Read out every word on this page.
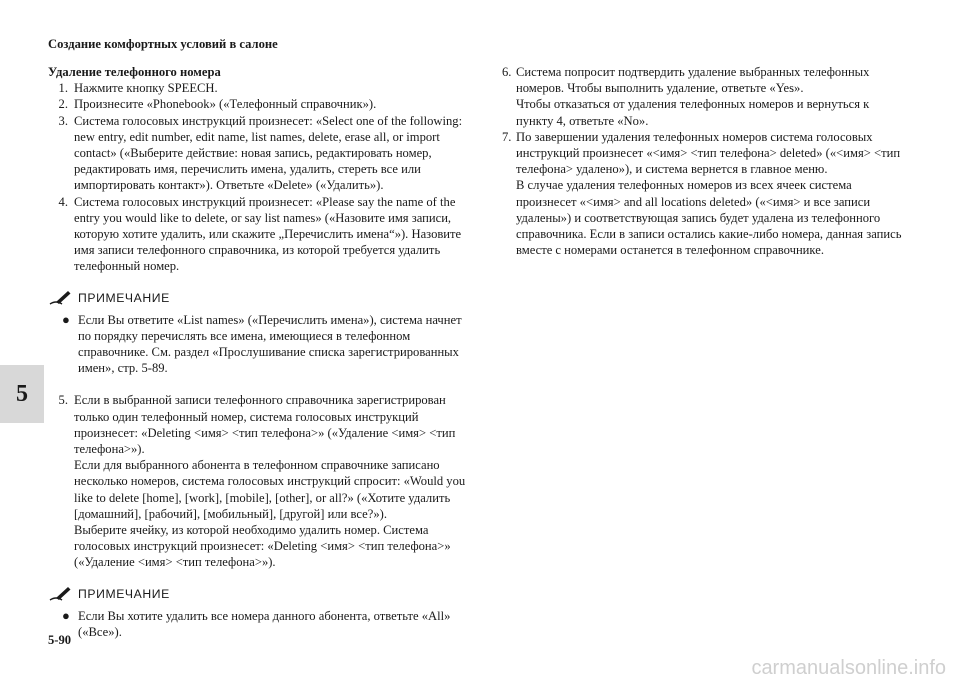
Создание комфортных условий в салоне
5

Удаление телефонного номера

1. Нажмите кнопку SPEECH.

2. Произнесите «Phonebook» («Телефонный справочник»).

3. Система голосовых инструкций произнесет: «Select one of the following: new entry, edit number, edit name, list names, delete, erase all, or import contact» («Выберите действие: новая запись, редактировать номер, редактировать имя, перечислить имена, удалить, стереть все или импортировать контакт»). Ответьте «Delete» («Удалить»).

4. Система голосовых инструкций произнесет: «Please say the name of the entry you would like to delete, or say list names» («Назовите имя записи, которую хотите удалить, или скажите „Перечислить имена“»). Назовите имя записи телефонного справочника, из которой требуется удалить телефонный номер.

ПРИМЕЧАНИЕ
● Если Вы ответите «List names» («Перечислить имена»), система начнет по порядку перечислять все имена, имеющиеся в телефонном справочнике. См. раздел «Прослушивание списка зарегистрированных имен», стр. 5-89.
5. Если в выбранной записи телефонного справочника зарегистрирован только один телефонный номер, система голосовых инструкций произнесет: «Deleting <имя> <тип телефона>» («Удаление <имя> <тип телефона>»).

Если для выбранного абонента в телефонном справочнике записано несколько номеров, система голосовых инструкций спросит: «Would you like to delete [home], [work], [mobile], [other], or all?» («Хотите удалить [домашний], [рабочий], [мобильный], [другой] или все?»).

Выберите ячейку, из которой необходимо удалить номер. Система голосовых инструкций произнесет: «Deleting <имя> <тип телефона>» («Удаление <имя> <тип телефона>»).

ПРИМЕЧАНИЕ
● Если Вы хотите удалить все номера данного абонента, ответьте «All» («Все»).
6. Система попросит подтвердить удаление выбранных телефонных номеров. Чтобы выполнить удаление, ответьте «Yes».

Чтобы отказаться от удаления телефонных номеров и вернуться к пункту 4, ответьте «No».

7. По завершении удаления телефонных номеров система голосовых инструкций произнесет «<имя> <тип телефона> deleted» («<имя> <тип телефона> удалено»), и система вернется в главное меню.

В случае удаления телефонных номеров из всех ячеек система произнесет «<имя> and all locations deleted» («<имя> и все записи удалены») и соответствующая запись будет удалена из телефонного справочника. Если в записи остались какие-либо номера, данная запись вместе с номерами останется в телефонном справочнике.

5-90
carmanualsonline.info
